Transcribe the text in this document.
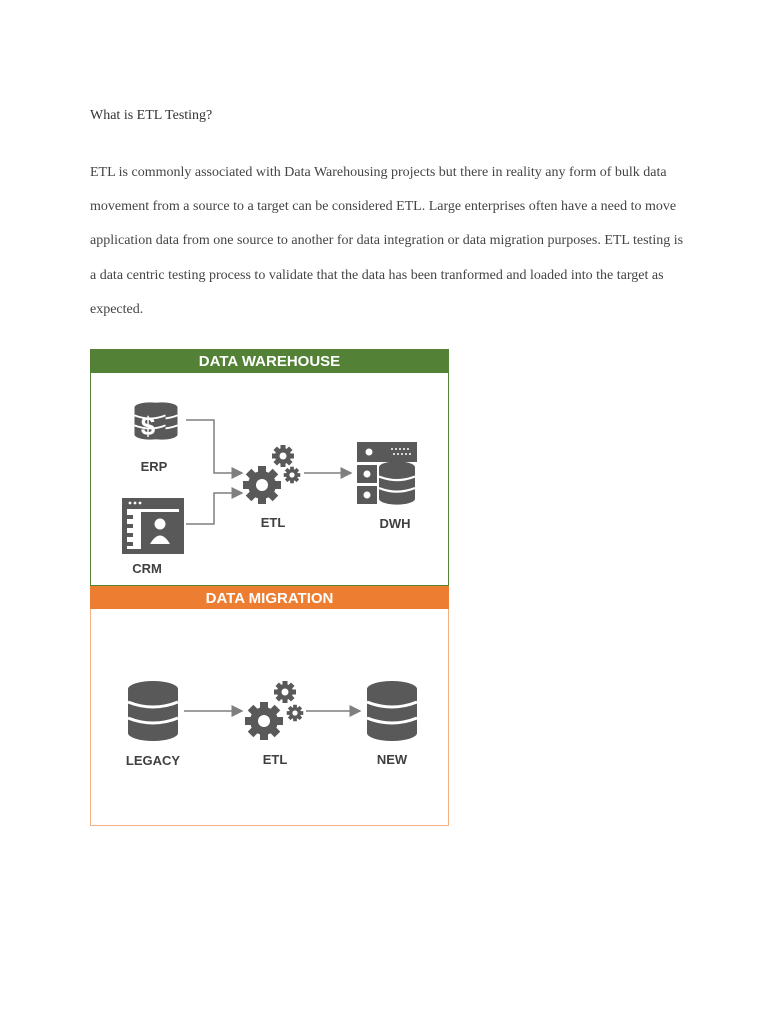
What is ETL Testing?
ETL is commonly associated with Data Warehousing projects but there in reality any form of bulk data
movement from a source to a target can be considered ETL. Large enterprises often have a need to move
application data from one source to another for data integration or data migration purposes. ETL testing is
a data centric testing process to validate that the data has been tranformed and loaded into the target as
expected.
DATA WAREHOUSE
$
ERP
CRM
ETL	DWH
DATA MIGRATION
LEGACY	ETL	NEW
